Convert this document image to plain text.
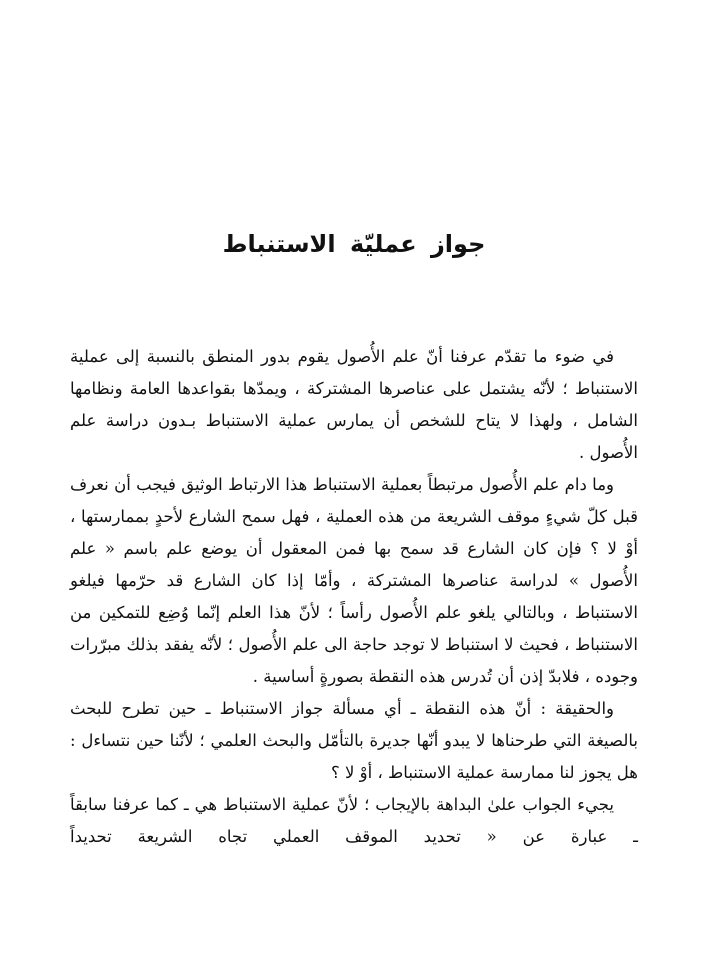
جواز عمليّة الاستنباط

في ضوء ما تقدّم عرفنا أنّ علم الأُصول يقوم بدور المنطق بالنسبة إلى عملية الاستنباط ؛ لأنّه يشتمل على عناصرها المشتركة ، ويمدّها بقواعدها العامة ونظامها الشامل ، ولهذا لا يتاح للشخص أن يمارس عملية الاستنباط بـدون دراسة علم الأُصول .

وما دام علم الأُصول مرتبطاً بعملية الاستنباط هذا الارتباط الوثيق فيجب أن نعرف قبل كلّ شيءٍ موقف الشريعة من هذه العملية ، فهل سمح الشارع لأحدٍ بممارستها ، أوْ لا ؟ فإن كان الشارع قد سمح بها فمن المعقول أن يوضع علم باسم « علم الأُصول » لدراسة عناصرها المشتركة ، وأمّا إذا كان الشارع قد حرّمها فيلغو الاستنباط ، وبالتالي يلغو علم الأُصول رأساً ؛ لأنّ هذا العلم إنّما وُضِع للتمكين من الاستنباط ، فحيث لا استنباط لا توجد حاجة الى علم الأُصول ؛ لأنّه يفقد بذلك مبرّرات وجوده ، فلابدّ إذن أن تُدرس هذه النقطة بصورةٍ أساسية .

والحقيقة : أنّ هذه النقطة ـ أي مسألة جواز الاستنباط ـ حين تطرح للبحث بالصيغة التي طرحناها لا يبدو أنّها جديرة بالتأمّل والبحث العلمي ؛ لأنّنا حين نتساءل : هل يجوز لنا ممارسة عملية الاستنباط ، أوْ لا ؟

يجيء الجواب علىٰ البداهة بالإيجاب ؛ لأنّ عملية الاستنباط هي ـ كما عرفنا سابقاً ـ عبارة عن « تحديد الموقف العملي تجاه الشريعة تحديداً
